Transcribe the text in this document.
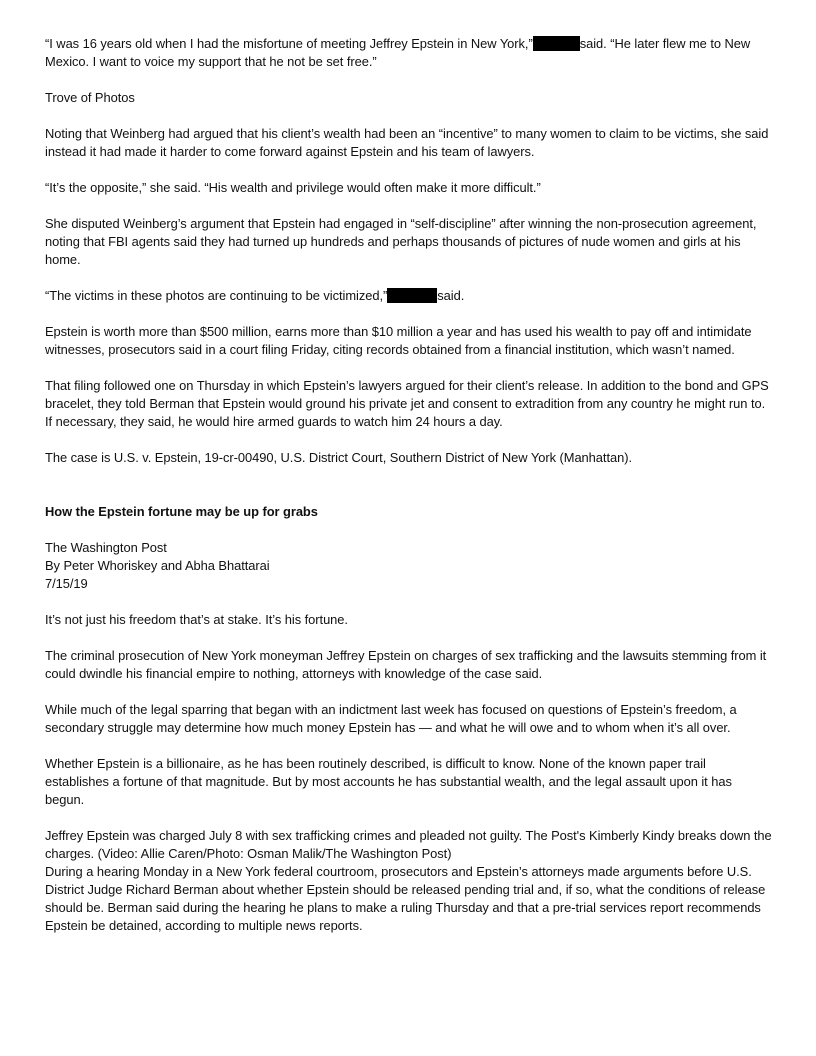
“I was 16 years old when I had the misfortune of meeting Jeffrey Epstein in New York,”	said. “He later flew me to New Mexico. I want to voice my support that he not be set free.”

Trove of Photos

Noting that Weinberg had argued that his client’s wealth had been an “incentive” to many women to claim to be victims, she said instead it had made it harder to come forward against Epstein and his team of lawyers.

“It’s the opposite,” she said. “His wealth and privilege would often make it more difficult.”

She disputed Weinberg’s argument that Epstein had engaged in “self-discipline” after winning the non-prosecution agreement, noting that FBI agents said they had turned up hundreds and perhaps thousands of pictures of nude women and girls at his home.

“The victims in these photos are continuing to be victimized,”	said.

Epstein is worth more than $500 million, earns more than $10 million a year and has used his wealth to pay off and intimidate witnesses, prosecutors said in a court filing Friday, citing records obtained from a financial institution, which wasn’t named.

That filing followed one on Thursday in which Epstein’s lawyers argued for their client’s release. In addition to the bond and GPS bracelet, they told Berman that Epstein would ground his private jet and consent to extradition from any country he might run to. If necessary, they said, he would hire armed guards to watch him 24 hours a day.

The case is U.S. v. Epstein, 19-cr-00490, U.S. District Court, Southern District of New York (Manhattan).

How the Epstein fortune may be up for grabs

The Washington Post

By Peter Whoriskey and Abha Bhattarai

7/15/19

It’s not just his freedom that’s at stake. It’s his fortune.

The criminal prosecution of New York moneyman Jeffrey Epstein on charges of sex trafficking and the lawsuits stemming from it could dwindle his financial empire to nothing, attorneys with knowledge of the case said.

While much of the legal sparring that began with an indictment last week has focused on questions of Epstein’s freedom, a secondary struggle may determine how much money Epstein has — and what he will owe and to whom when it’s all over.

Whether Epstein is a billionaire, as he has been routinely described, is difficult to know. None of the known paper trail establishes a fortune of that magnitude. But by most accounts he has substantial wealth, and the legal assault upon it has begun.

Jeffrey Epstein was charged July 8 with sex trafficking crimes and pleaded not guilty. The Post's Kimberly Kindy breaks down the charges. (Video: Allie Caren/Photo: Osman Malik/The Washington Post)

During a hearing Monday in a New York federal courtroom, prosecutors and Epstein’s attorneys made arguments before U.S. District Judge Richard Berman about whether Epstein should be released pending trial and, if so, what the conditions of release should be. Berman said during the hearing he plans to make a ruling Thursday and that a pre-trial services report recommends Epstein be detained, according to multiple news reports.
